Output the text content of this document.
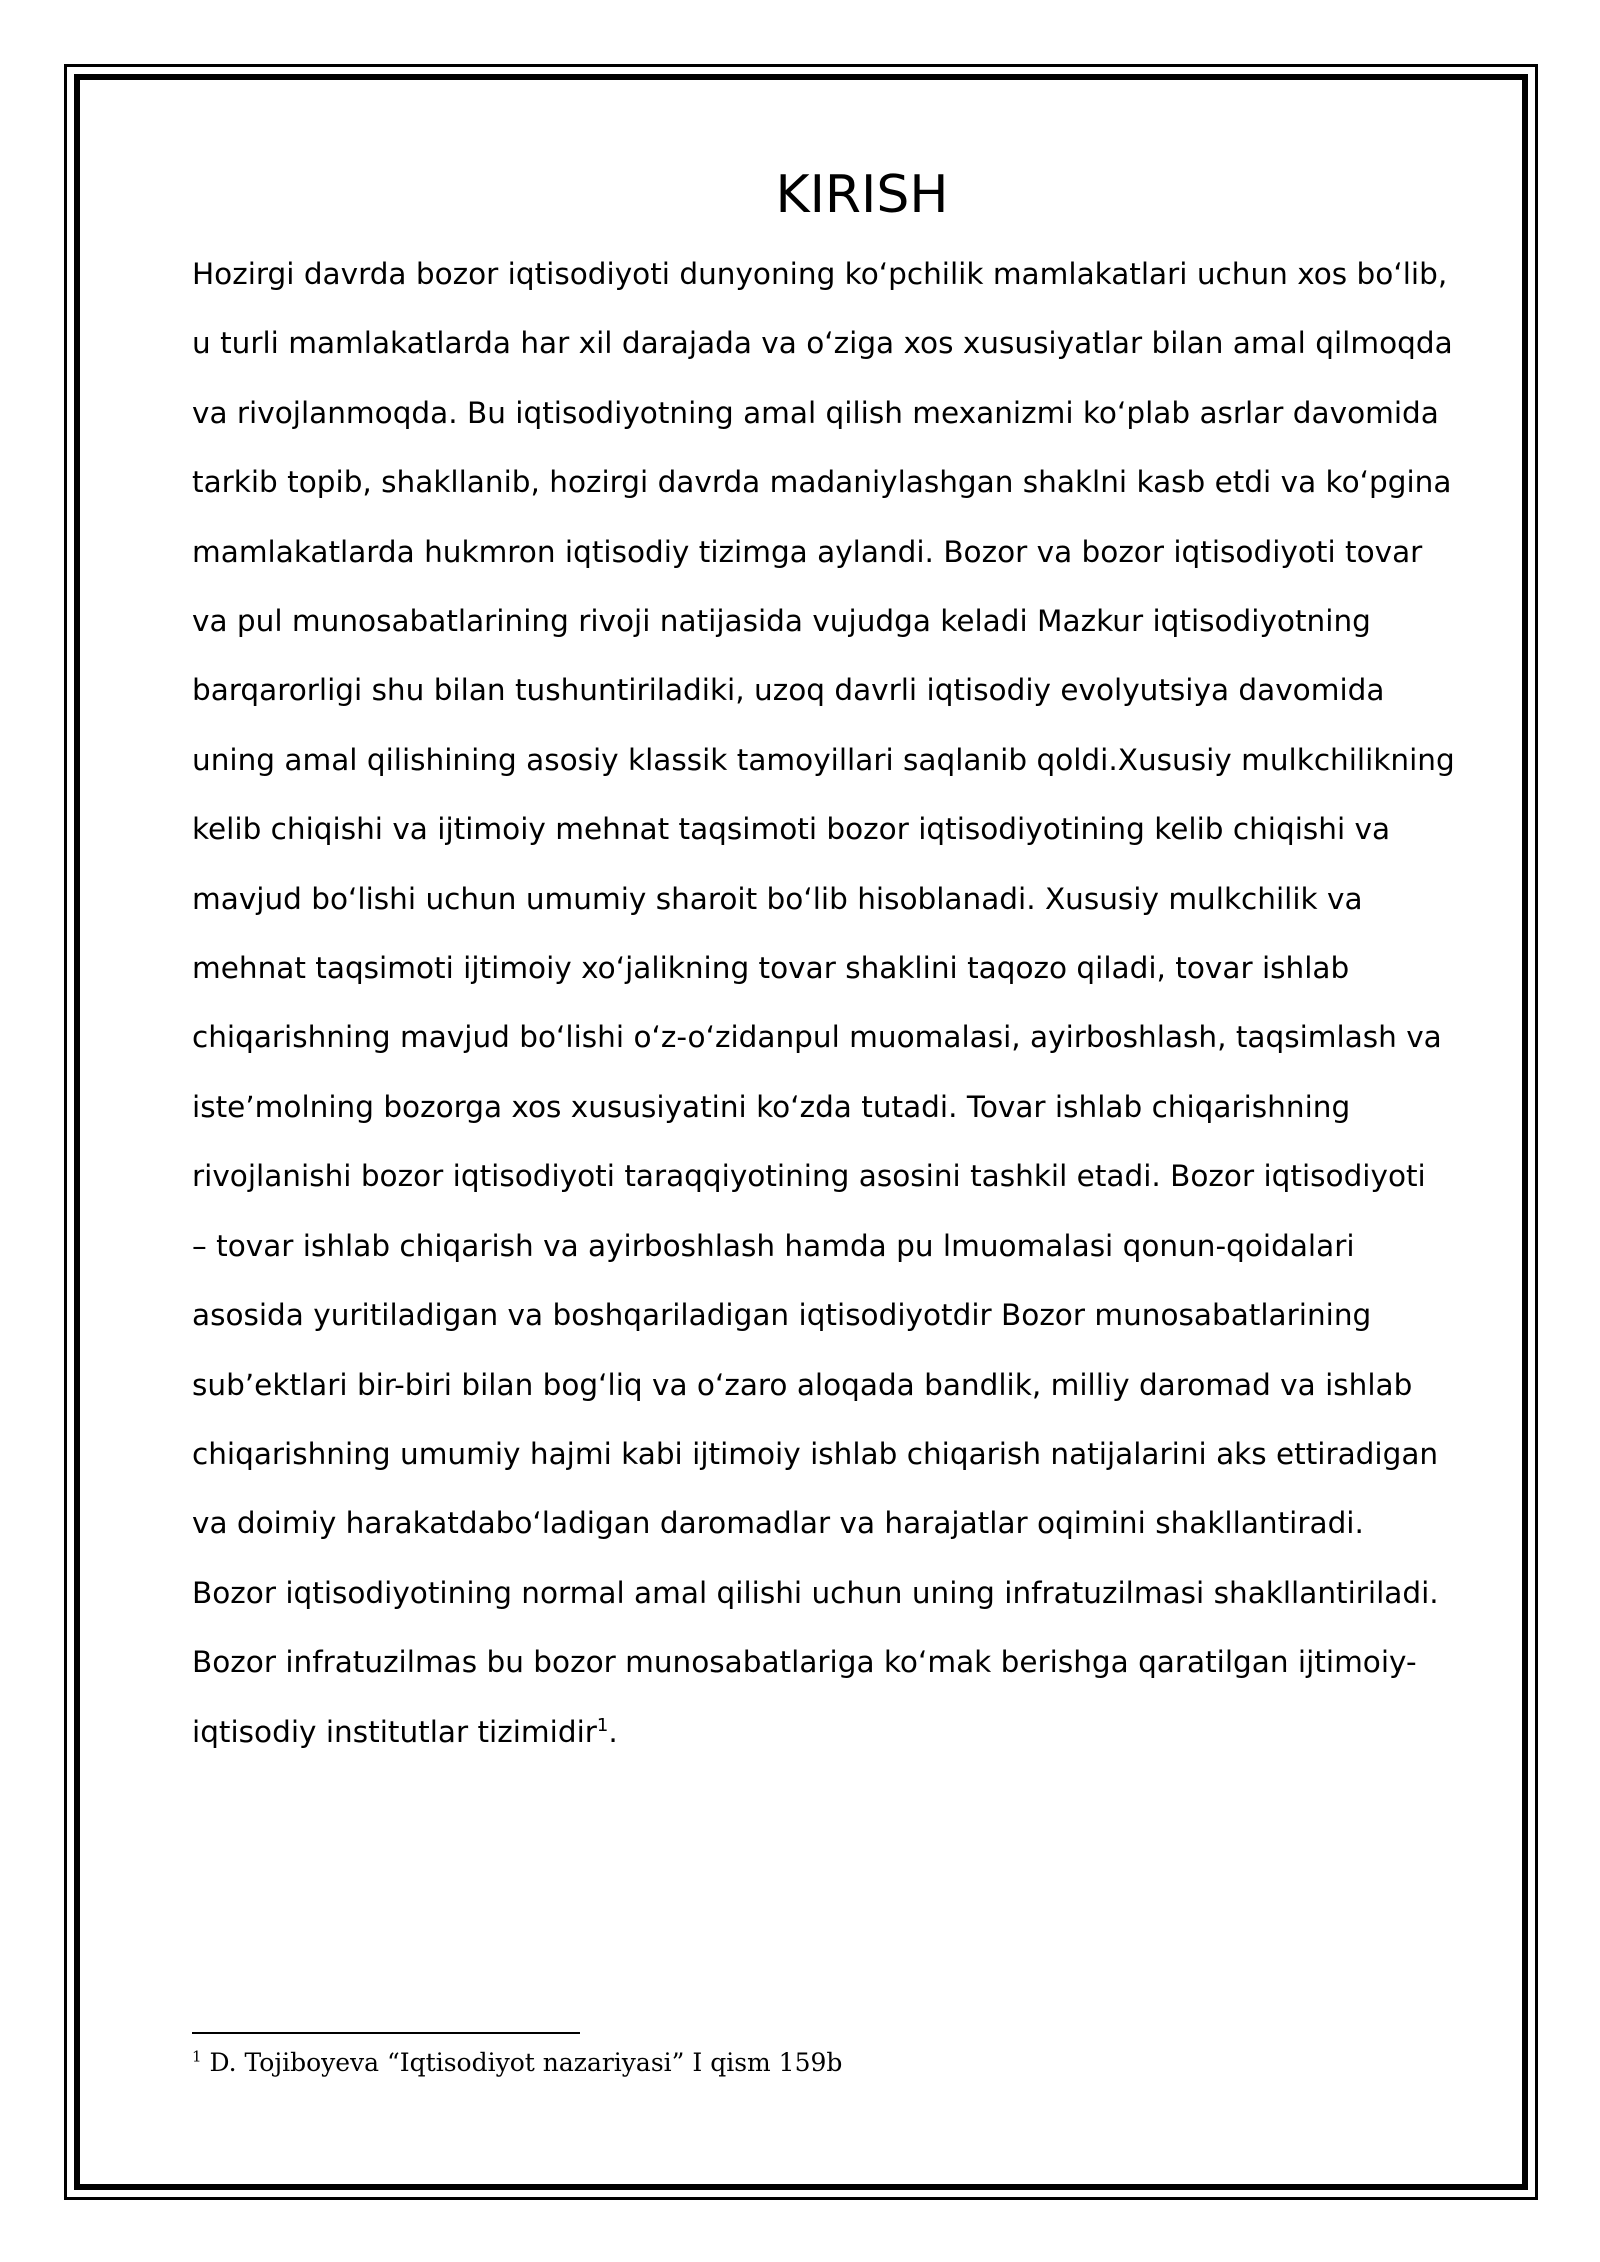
KIRISH
Hozirgi davrda bozor iqtisodiyoti dunyoning koʻpchilik mamlakatlari uchun xos boʻlib,
u turli mamlakatlarda har xil darajada va oʻziga xos xususiyatlar bilan amal qilmoqda
va rivojlanmoqda. Bu iqtisodiyotning amal qilish mexanizmi koʻplab asrlar davomida
tarkib topib, shakllanib, hozirgi davrda madaniylashgan shaklni kasb etdi va koʻpgina
mamlakatlarda hukmron iqtisodiy tizimga aylandi. Bozor va bozor iqtisodiyoti tovar
va pul munosabatlarining rivoji natijasida vujudga keladi Mazkur iqtisodiyotning
barqarorligi shu bilan tushuntiriladiki, uzoq davrli iqtisodiy evolyutsiya davomida
uning amal qilishining asosiy klassik tamoyillari saqlanib qoldi.Xususiy mulkchilikning
kelib chiqishi va ijtimoiy mehnat taqsimoti bozor iqtisodiyotining kelib chiqishi va
mavjud boʻlishi uchun umumiy sharoit boʻlib hisoblanadi. Xususiy mulkchilik va
mehnat taqsimoti ijtimoiy xoʻjalikning tovar shaklini taqozo qiladi, tovar ishlab
chiqarishning mavjud boʻlishi oʻz-oʻzidanpul muomalasi, ayirboshlash, taqsimlash va
isteʼmolning bozorga xos xususiyatini koʻzda tutadi. Tovar ishlab chiqarishning
rivojlanishi bozor iqtisodiyoti taraqqiyotining asosini tashkil etadi. Bozor iqtisodiyoti
– tovar ishlab chiqarish va ayirboshlash hamda pu lmuomalasi qonun-qoidalari
asosida yuritiladigan va boshqariladigan iqtisodiyotdir Bozor munosabatlarining
subʼektlari bir-biri bilan bogʻliq va oʻzaro aloqada bandlik, milliy daromad va ishlab
chiqarishning umumiy hajmi kabi ijtimoiy ishlab chiqarish natijalarini aks ettiradigan
va doimiy harakatdaboʻladigan daromadlar va harajatlar oqimini shakllantiradi.
Bozor iqtisodiyotining normal amal qilishi uchun uning infratuzilmasi shakllantiriladi.
Bozor infratuzilmas bu bozor munosabatlariga koʻmak berishga qaratilgan ijtimoiy-
iqtisodiy institutlar tizimidir$^1$.
$^1$ D. Tojiboyeva “Iqtisodiyot nazariyasi” I qism 159b
